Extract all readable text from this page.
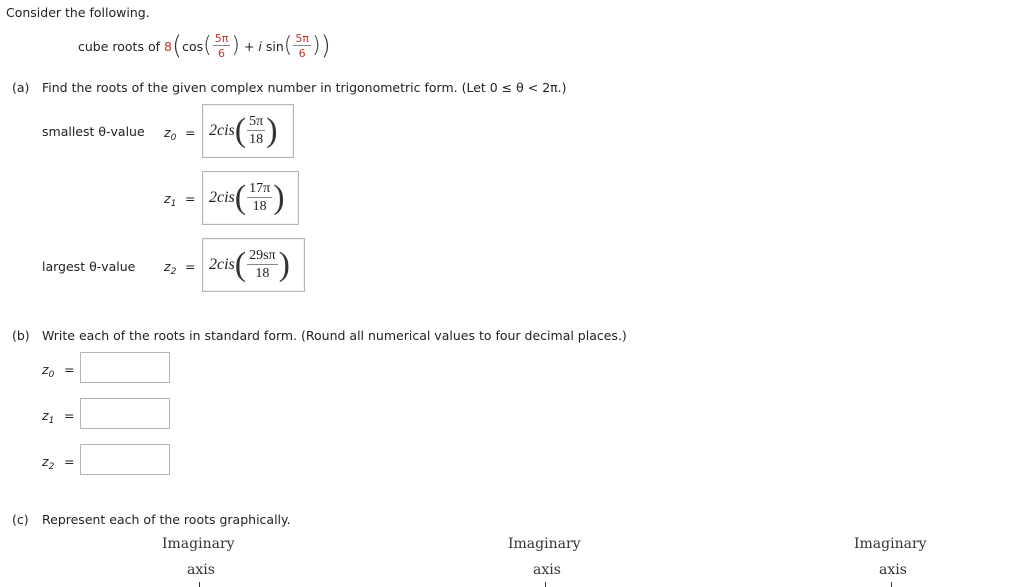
Consider the following.
cube roots of
8 ( cos ( $\frac{5\pi}{6}$ )
+ i
sin ( $\frac{5\pi}{6}$ ) )
(a) Find the roots of the given complex number in trigonometric form. (Let 0 ≤ θ < 2π.)
smallest θ-value
largest θ-value
$z_0 = 2cis$ ( $\frac{5\pi}{18}$ )
$z_1 = 2cis$ ( $\frac{17\pi}{18}$ )
$z_2 = 2cis$ ( $\frac{29s\pi}{18}$ )
(b) Write each of the roots in standard form. (Round all numerical values to four decimal places.)
$z_0$ =
$z_1$ =
$z_2$ =
(c) Represent each of the roots graphically.
Imaginary
axis
Imaginary
axis
Imaginary
axis
